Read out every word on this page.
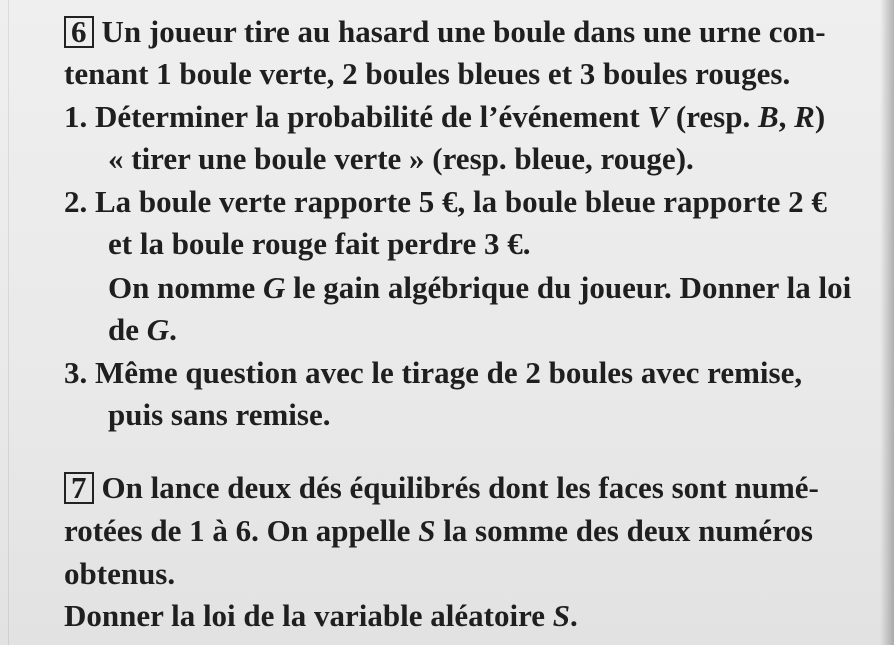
6 Un joueur tire au hasard une boule dans une urne con-
tenant 1 boule verte, 2 boules bleues et 3 boules rouges.
1. Déterminer la probabilité de l’événement V (resp. B, R)
« tirer une boule verte » (resp. bleue, rouge).
2. La boule verte rapporte 5 €, la boule bleue rapporte 2 €
et la boule rouge fait perdre 3 €.
On nomme G le gain algébrique du joueur. Donner la loi
de G.
3. Même question avec le tirage de 2 boules avec remise,
puis sans remise.
7 On lance deux dés équilibrés dont les faces sont numé-
rotées de 1 à 6. On appelle S la somme des deux numéros
obtenus.
Donner la loi de la variable aléatoire S.
